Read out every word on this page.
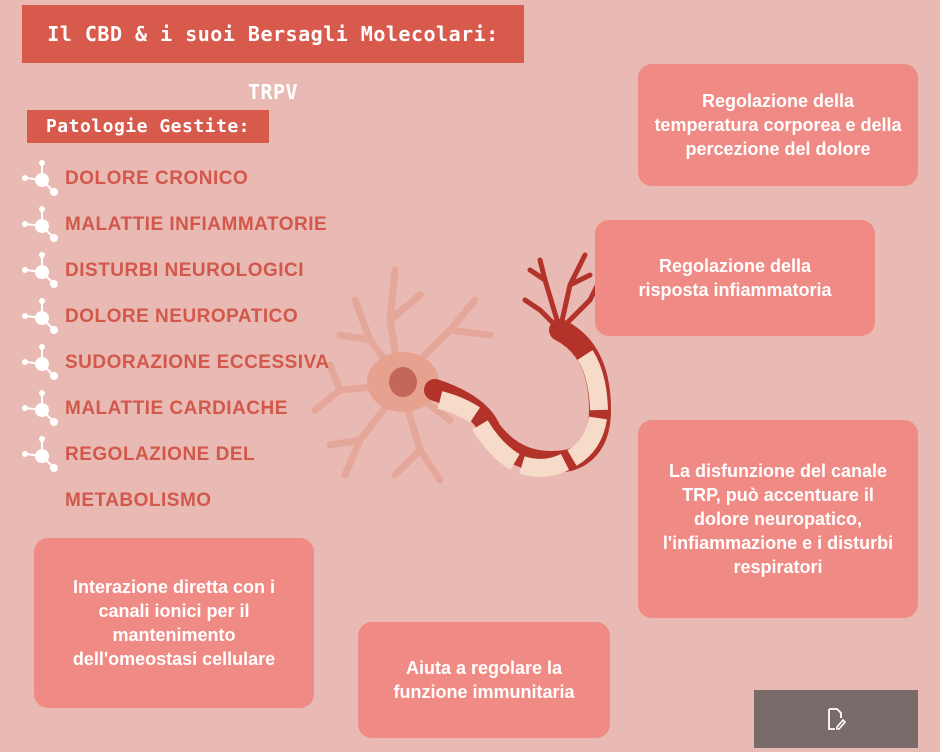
Il CBD & i suoi Bersagli Molecolari: TRPV
Patologie Gestite:
DOLORE CRONICO
MALATTIE INFIAMMATORIE
DISTURBI NEUROLOGICI
DOLORE NEUROPATICO
SUDORAZIONE ECCESSIVA
MALATTIE CARDIACHE
REGOLAZIONE DEL
METABOLISMO
Regolazione della temperatura corporea e della percezione del dolore
Regolazione della risposta infiammatoria
La disfunzione del canale TRP, può accentuare il dolore neuropatico, l'infiammazione e i disturbi respiratori
Interazione diretta con i canali ionici per il mantenimento dell'omeostasi cellulare	Aiuta a regolare la funzione immunitaria
